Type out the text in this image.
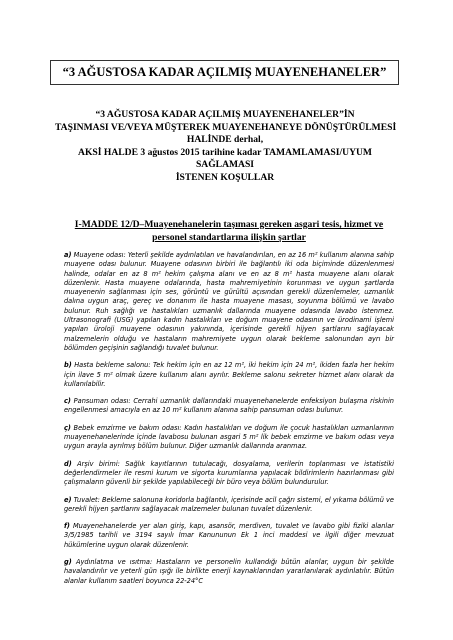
“3 AĞUSTOSA KADAR AÇILMIŞ MUAYENEHANELER”
“3 AĞUSTOSA KADAR AÇILMIŞ MUAYENEHANELER”İN
TAŞINMASI VE/VEYA MÜŞTEREK MUAYENEHANEYE DÖNÜŞTÜRÜLMESİ
HALİNDE derhal,
AKSİ HALDE 3 ağustos 2015 tarihine kadar TAMAMLAMASI/UYUM
SAĞLAMASI
İSTENEN KOŞULLAR
I-MADDE 12/D–Muayenehanelerin taşıması gereken asgari tesis, hizmet ve
personel standartlarına ilişkin şartlar

a) Muayene odası: Yeterli şekilde aydınlatılan ve havalandırılan, en az 16 m² kullanım alanına sahip muayene odası bulunur. Muayene odasının birbiri ile bağlantılı iki oda biçiminde düzenlenmesi halinde, odalar en az 8 m² hekim çalışma alanı ve en az 8 m² hasta muayene alanı olarak düzenlenir. Hasta muayene odalarında, hasta mahremiyetinin korunması ve uygun şartlarda muayenenin sağlanması için ses, görüntü ve gürültü açısından gerekli düzenlemeler, uzmanlık dalına uygun araç, gereç ve donanım ile hasta muayene masası, soyunma bölümü ve lavabo bulunur. Ruh sağlığı ve hastalıkları uzmanlık dallarında muayene odasında lavabo istenmez. Ultrasonografi (USG) yapılan kadın hastalıkları ve doğum muayene odasının ve ürodinami işlemi yapılan üroloji muayene odasının yakınında, içerisinde gerekli hijyen şartlarını sağlayacak malzemelerin olduğu ve hastaların mahremiyete uygun olarak bekleme salonundan ayrı bir bölümden geçişinin sağlandığı tuvalet bulunur.

b) Hasta bekleme salonu: Tek hekim için en az 12 m², iki hekim için 24 m², ikiden fazla her hekim için ilave 5 m² olmak üzere kullanım alanı ayrılır. Bekleme salonu sekreter hizmet alanı olarak da kullanılabilir.

c) Pansuman odası: Cerrahi uzmanlık dallarındaki muayenehanelerde enfeksiyon bulaşma riskinin engellenmesi amacıyla en az 10 m² kullanım alanına sahip pansuman odası bulunur.

ç) Bebek emzirme ve bakım odası: Kadın hastalıkları ve doğum ile çocuk hastalıkları uzmanlarının muayenehanelerinde içinde lavabosu bulunan asgari 5 m² lik bebek emzirme ve bakım odası veya uygun arayla ayrılmış bölüm bulunur. Diğer uzmanlık dallarında aranmaz.

d) Arşiv birimi: Sağlık kayıtlarının tutulacağı, dosyalama, verilerin toplanması ve istatistiki değerlendirmeler ile resmi kurum ve sigorta kurumlarına yapılacak bildirimlerin hazırlanması gibi çalışmaların güvenli bir şekilde yapılabileceği bir büro veya bölüm bulundurulur.

e) Tuvalet: Bekleme salonuna koridorla bağlantılı, içerisinde acil çağrı sistemi, el yıkama bölümü ve gerekli hijyen şartlarını sağlayacak malzemeler bulunan tuvalet düzenlenir.

f) Muayenehanelerde yer alan giriş, kapı, asansör, merdiven, tuvalet ve lavabo gibi fiziki alanlar 3/5/1985 tarihli ve 3194 sayılı İmar Kanununun Ek 1 inci maddesi ve ilgili diğer mevzuat hükümlerine uygun olarak düzenlenir.

g) Aydınlatma ve ısıtma: Hastaların ve personelin kullandığı bütün alanlar, uygun bir şekilde havalandırılır ve yeterli gün ışığı ile birlikte enerji kaynaklarından yararlanılarak aydınlatılır. Bütün alanlar kullanım saatleri boyunca 22-24°C
